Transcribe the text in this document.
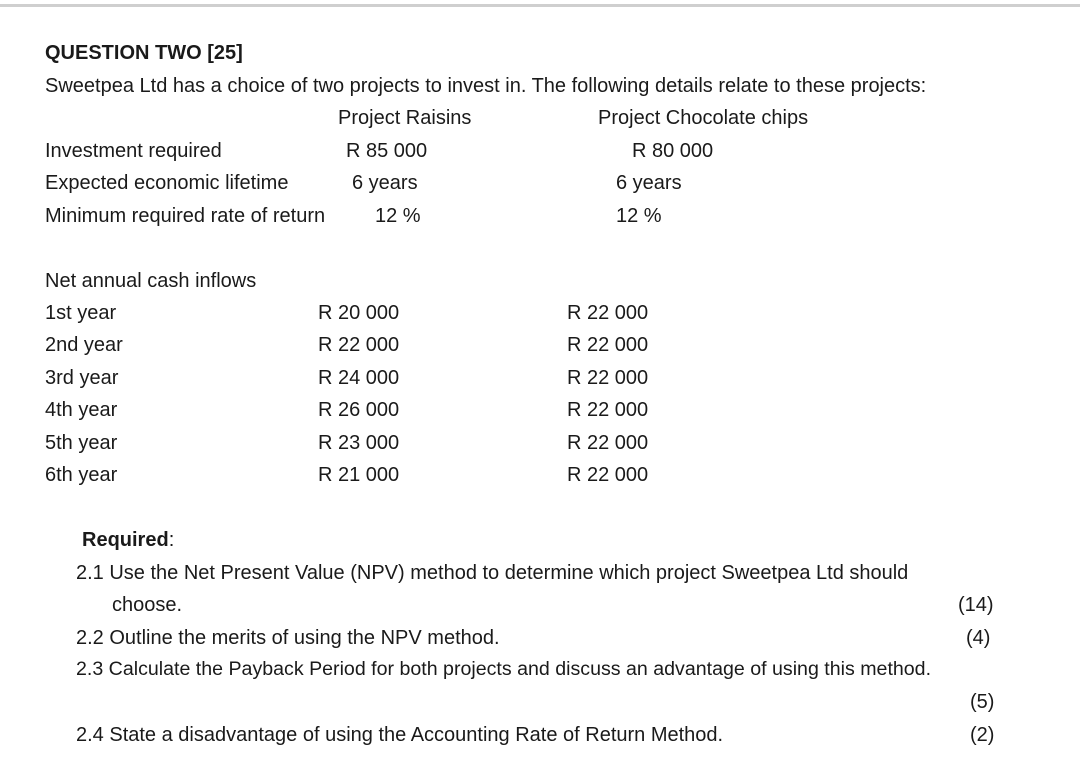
QUESTION TWO [25]
Sweetpea Ltd has a choice of two projects to invest in. The following details relate to these projects:
Project Raisins	Project Chocolate chips
Investment required	R 85 000	R 80 000
Expected economic lifetime	6 years	6 years
Minimum required rate of return 12 %	12 %
Net annual cash inflows
1st year	R 20 000	R 22 000
2nd year	R 22 000	R 22 000
3rd year	R 24 000	R 22 000
4th year	R 26 000	R 22 000
5th year	R 23 000	R 22 000
6th year	R 21 000	R 22 000
Required:
2.1 Use the Net Present Value (NPV) method to determine which project Sweetpea Ltd should
choose.	(14)
2.2 Outline the merits of using the NPV method.	(4)
2.3 Calculate the Payback Period for both projects and discuss an advantage of using this method.
(5)
2.4 State a disadvantage of using the Accounting Rate of Return Method.	(2)
